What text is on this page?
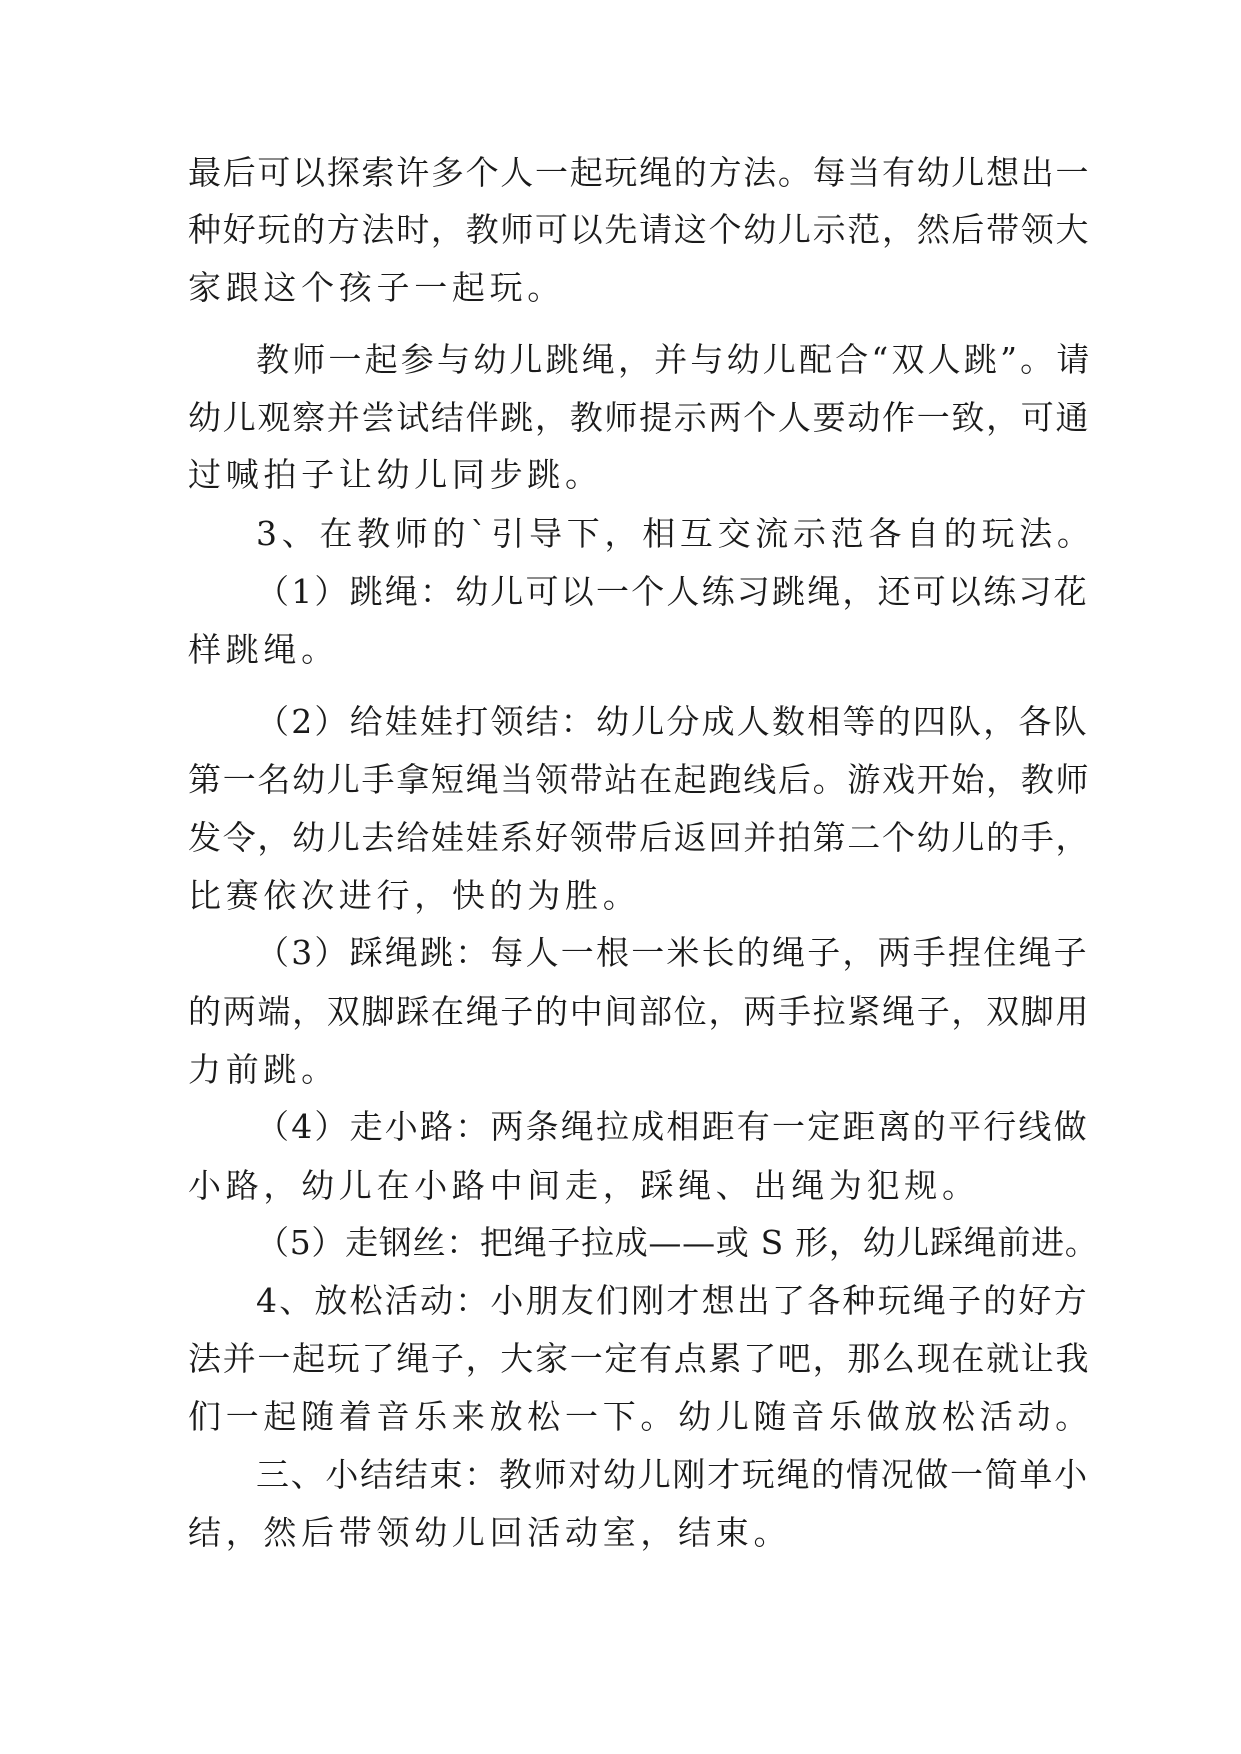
最后可以探索许多个人一起玩绳的方法。每当有幼儿想出一
种好玩的方法时，教师可以先请这个幼儿示范，然后带领大
家跟这个孩子一起玩。
教师一起参与幼儿跳绳，并与幼儿配合“双人跳”。请
幼儿观察并尝试结伴跳，教师提示两个人要动作一致，可通
过喊拍子让幼儿同步跳。
3、在教师的`引导下，相互交流示范各自的玩法。
（1）跳绳：幼儿可以一个人练习跳绳，还可以练习花
样跳绳。
（2）给娃娃打领结：幼儿分成人数相等的四队，各队
第一名幼儿手拿短绳当领带站在起跑线后。游戏开始，教师
发令，幼儿去给娃娃系好领带后返回并拍第二个幼儿的手，
比赛依次进行，快的为胜。
（3）踩绳跳：每人一根一米长的绳子，两手捏住绳子
的两端，双脚踩在绳子的中间部位，两手拉紧绳子，双脚用
力前跳。
（4）走小路：两条绳拉成相距有一定距离的平行线做
小路，幼儿在小路中间走，踩绳、出绳为犯规。
（5）走钢丝：把绳子拉成——或 S 形，幼儿踩绳前进。
4、放松活动：小朋友们刚才想出了各种玩绳子的好方
法并一起玩了绳子，大家一定有点累了吧，那么现在就让我
们一起随着音乐来放松一下。幼儿随音乐做放松活动。
三、小结结束：教师对幼儿刚才玩绳的情况做一简单小
结，然后带领幼儿回活动室，结束。
